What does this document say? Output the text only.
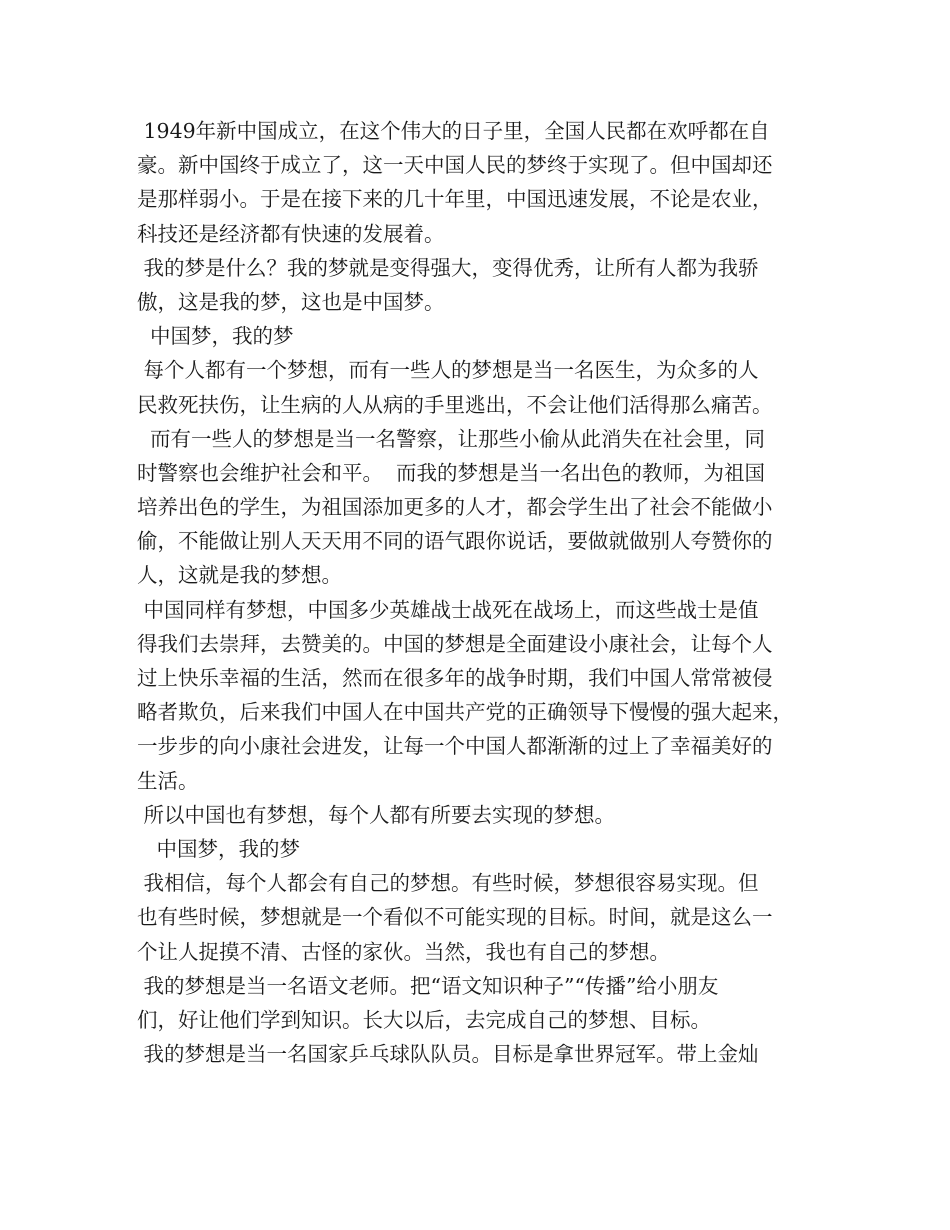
1949年新中国成立，在这个伟大的日子里，全国人民都在欢呼都在自
豪。新中国终于成立了，这一天中国人民的梦终于实现了。但中国却还
是那样弱小。于是在接下来的几十年里，中国迅速发展，不论是农业，
科技还是经济都有快速的发展着。
我的梦是什么？我的梦就是变得强大，变得优秀，让所有人都为我骄
傲，这是我的梦，这也是中国梦。
中国梦，我的梦
每个人都有一个梦想，而有一些人的梦想是当一名医生，为众多的人
民救死扶伤，让生病的人从病的手里逃出，不会让他们活得那么痛苦。
而有一些人的梦想是当一名警察，让那些小偷从此消失在社会里，同
时警察也会维护社会和平。  而我的梦想是当一名出色的教师，为祖国
培养出色的学生，为祖国添加更多的人才，都会学生出了社会不能做小
偷，不能做让别人天天用不同的语气跟你说话，要做就做别人夸赞你的
人，这就是我的梦想。
中国同样有梦想，中国多少英雄战士战死在战场上，而这些战士是值
得我们去崇拜，去赞美的。中国的梦想是全面建设小康社会，让每个人
过上快乐幸福的生活，然而在很多年的战争时期，我们中国人常常被侵
略者欺负，后来我们中国人在中国共产党的正确领导下慢慢的强大起来，
一步步的向小康社会进发，让每一个中国人都渐渐的过上了幸福美好的
生活。
所以中国也有梦想，每个人都有所要去实现的梦想。
中国梦，我的梦
我相信，每个人都会有自己的梦想。有些时候，梦想很容易实现。但
也有些时候，梦想就是一个看似不可能实现的目标。时间，就是这么一
个让人捉摸不清、古怪的家伙。当然，我也有自己的梦想。
我的梦想是当一名语文老师。把“语文知识种子”“传播”给小朋友
们，好让他们学到知识。长大以后，去完成自己的梦想、目标。
我的梦想是当一名国家乒乓球队队员。目标是拿世界冠军。带上金灿
